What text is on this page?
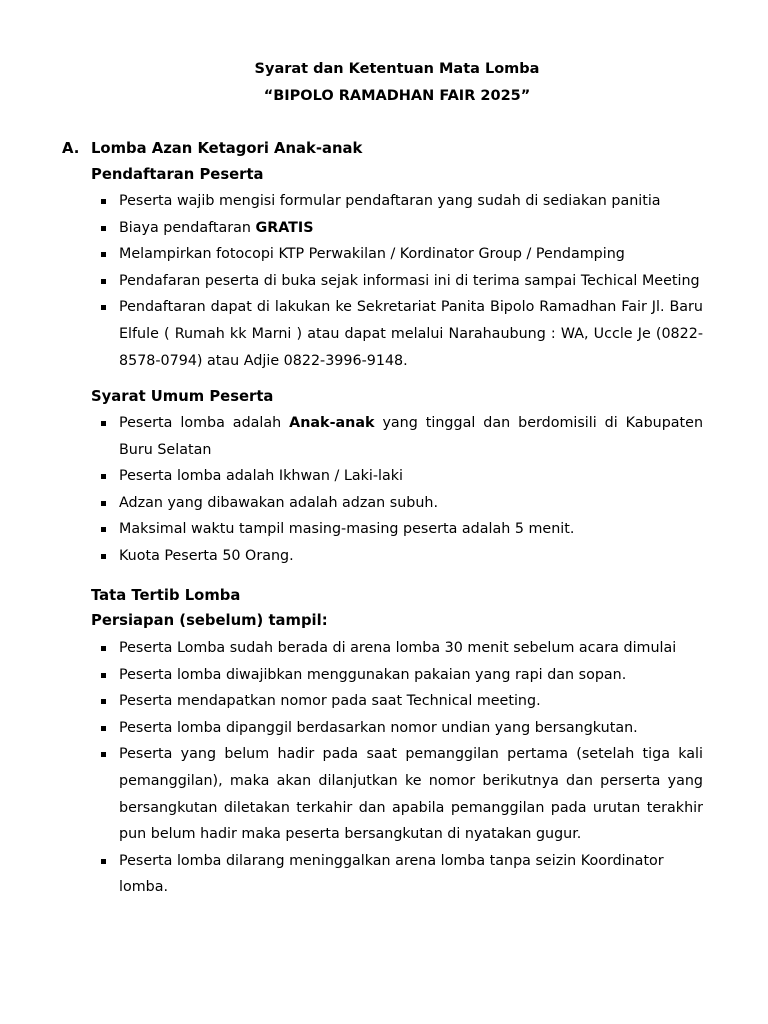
Syarat dan Ketentuan Mata Lomba
“BIPOLO RAMADHAN FAIR 2025”
A. Lomba Azan Ketagori Anak-anak
Pendaftaran Peserta
Peserta wajib mengisi formular pendaftaran yang sudah di sediakan panitia
Biaya pendaftaran GRATIS
Melampirkan fotocopi KTP Perwakilan / Kordinator Group / Pendamping
Pendafaran peserta di buka sejak informasi ini di terima sampai Techical Meeting
Pendaftaran dapat di lakukan ke Sekretariat Panita Bipolo Ramadhan Fair Jl. Baru Elfule ( Rumah kk Marni ) atau dapat melalui Narahaubung : WA, Uccle Je (0822-8578-0794) atau Adjie 0822-3996-9148.
Syarat Umum Peserta
Peserta lomba adalah Anak-anak yang tinggal dan berdomisili di Kabupaten Buru Selatan
Peserta lomba adalah Ikhwan / Laki-laki
Adzan yang dibawakan adalah adzan subuh.
Maksimal waktu tampil masing-masing peserta adalah 5 menit.
Kuota Peserta 50 Orang.
Tata Tertib Lomba
Persiapan (sebelum) tampil:
Peserta Lomba sudah berada di arena lomba 30 menit sebelum acara dimulai
Peserta lomba diwajibkan menggunakan pakaian yang rapi dan sopan.
Peserta mendapatkan nomor pada saat Technical meeting.
Peserta lomba dipanggil berdasarkan nomor undian yang bersangkutan.
Peserta yang belum hadir pada saat pemanggilan pertama (setelah tiga kali pemanggilan), maka akan dilanjutkan ke nomor berikutnya dan perserta yang bersangkutan diletakan terkahir dan apabila pemanggilan pada urutan terakhir pun belum hadir maka peserta bersangkutan di nyatakan gugur.
Peserta lomba dilarang meninggalkan arena lomba tanpa seizin Koordinator lomba.
